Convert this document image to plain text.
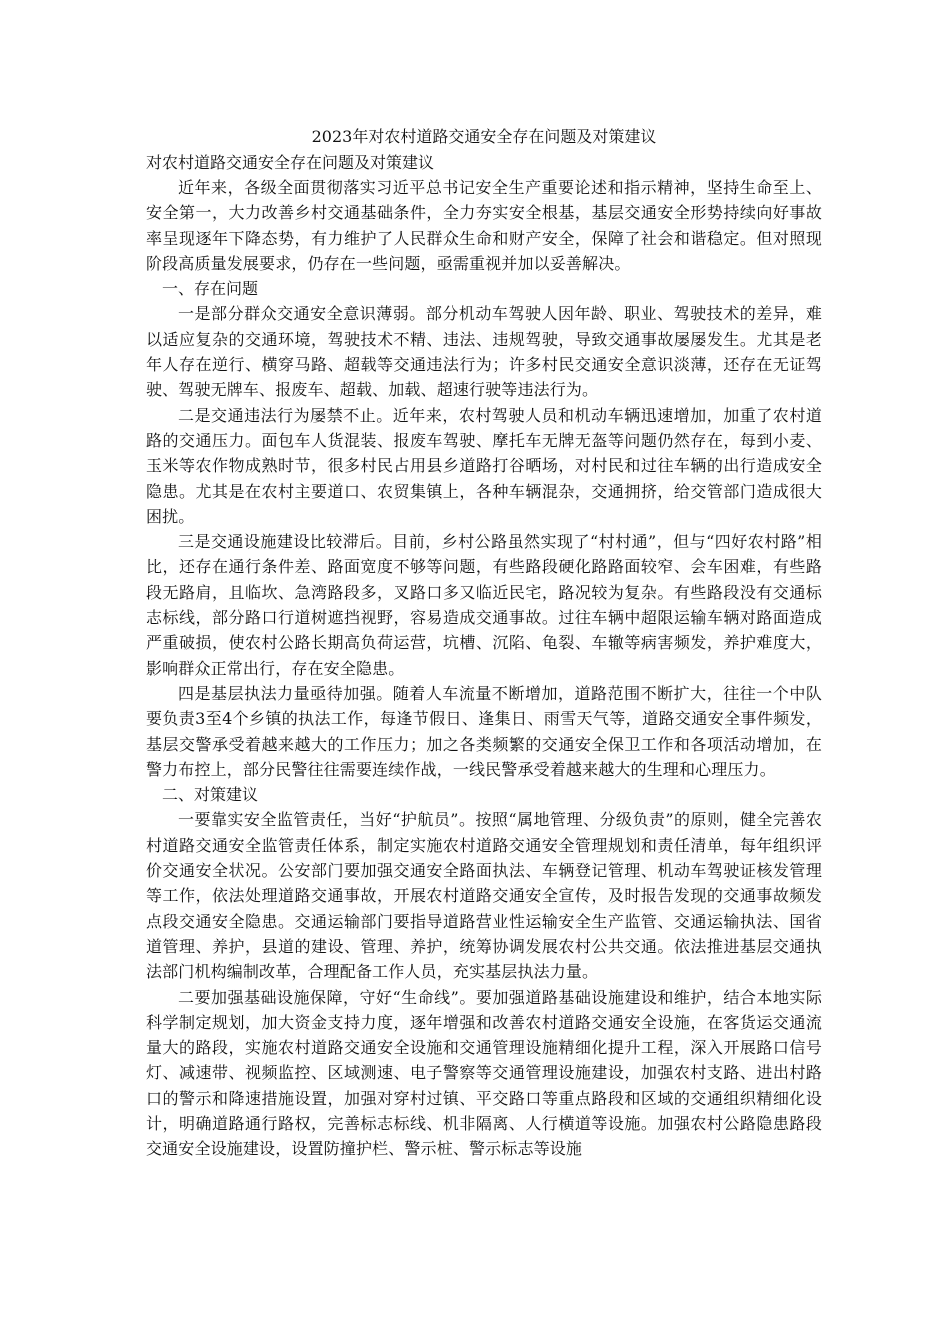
2023年对农村道路交通安全存在问题及对策建议

对农村道路交通安全存在问题及对策建议

近年来，各级全面贯彻落实习近平总书记安全生产重要论述和指示精神，坚持生命至上、安全第一，大力改善乡村交通基础条件，全力夯实安全根基，基层交通安全形势持续向好事故率呈现逐年下降态势，有力维护了人民群众生命和财产安全，保障了社会和谐稳定。但对照现阶段高质量发展要求，仍存在一些问题，亟需重视并加以妥善解决。

一、存在问题

一是部分群众交通安全意识薄弱。部分机动车驾驶人因年龄、职业、驾驶技术的差异，难以适应复杂的交通环境，驾驶技术不精、违法、违规驾驶，导致交通事故屡屡发生。尤其是老年人存在逆行、横穿马路、超载等交通违法行为；许多村民交通安全意识淡薄，还存在无证驾驶、驾驶无牌车、报废车、超载、加载、超速行驶等违法行为。

二是交通违法行为屡禁不止。近年来，农村驾驶人员和机动车辆迅速增加，加重了农村道路的交通压力。面包车人货混装、报废车驾驶、摩托车无牌无盔等问题仍然存在，每到小麦、玉米等农作物成熟时节，很多村民占用县乡道路打谷晒场，对村民和过往车辆的出行造成安全隐患。尤其是在农村主要道口、农贸集镇上，各种车辆混杂，交通拥挤，给交管部门造成很大困扰。

三是交通设施建设比较滞后。目前，乡村公路虽然实现了“村村通”，但与“四好农村路”相比，还存在通行条件差、路面宽度不够等问题，有些路段硬化路路面较窄、会车困难，有些路段无路肩，且临坎、急湾路段多，叉路口多又临近民宅，路况较为复杂。有些路段没有交通标志标线，部分路口行道树遮挡视野，容易造成交通事故。过往车辆中超限运输车辆对路面造成严重破损，使农村公路长期高负荷运营，坑槽、沉陷、龟裂、车辙等病害频发，养护难度大，影响群众正常出行，存在安全隐患。

四是基层执法力量亟待加强。随着人车流量不断增加，道路范围不断扩大，往往一个中队要负责3至4个乡镇的执法工作，每逢节假日、逢集日、雨雪天气等，道路交通安全事件频发，基层交警承受着越来越大的工作压力；加之各类频繁的交通安全保卫工作和各项活动增加，在警力布控上，部分民警往往需要连续作战，一线民警承受着越来越大的生理和心理压力。

二、对策建议

一要靠实安全监管责任，当好“护航员”。按照“属地管理、分级负责”的原则，健全完善农村道路交通安全监管责任体系，制定实施农村道路交通安全管理规划和责任清单，每年组织评价交通安全状况。公安部门要加强交通安全路面执法、车辆登记管理、机动车驾驶证核发管理等工作，依法处理道路交通事故，开展农村道路交通安全宣传，及时报告发现的交通事故频发点段交通安全隐患。交通运输部门要指导道路营业性运输安全生产监管、交通运输执法、国省道管理、养护，县道的建设、管理、养护，统筹协调发展农村公共交通。依法推进基层交通执法部门机构编制改革，合理配备工作人员，充实基层执法力量。

二要加强基础设施保障，守好“生命线”。要加强道路基础设施建设和维护，结合本地实际科学制定规划，加大资金支持力度，逐年增强和改善农村道路交通安全设施，在客货运交通流量大的路段，实施农村道路交通安全设施和交通管理设施精细化提升工程，深入开展路口信号灯、减速带、视频监控、区域测速、电子警察等交通管理设施建设，加强农村支路、进出村路口的警示和降速措施设置，加强对穿村过镇、平交路口等重点路段和区域的交通组织精细化设计，明确道路通行路权，完善标志标线、机非隔离、人行横道等设施。加强农村公路隐患路段交通安全设施建设，设置防撞护栏、警示桩、警示标志等设施
